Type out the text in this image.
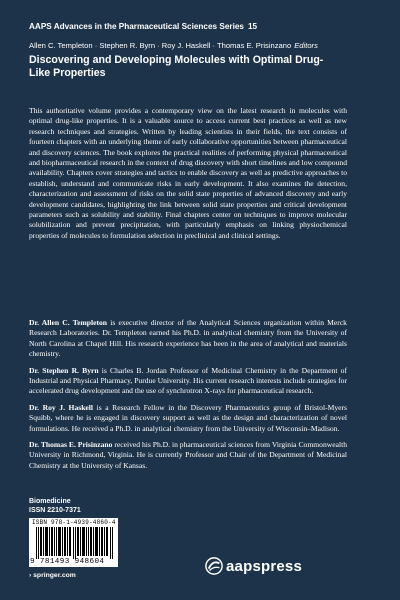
AAPS Advances in the Pharmaceutical Sciences Series 15
Allen C. Templeton · Stephen R. Byrn · Roy J. Haskell · Thomas E. Prisinzano Editors
Discovering and Developing Molecules with Optimal Drug-Like Properties

This authoritative volume provides a contemporary view on the latest research in molecules with optimal drug-like properties. It is a valuable source to access current best practices as well as new research techniques and strategies. Written by leading scientists in their fields, the text consists of fourteen chapters with an underlying theme of early collaborative opportunities between pharmaceutical and discovery sciences. The book explores the practical realities of performing physical pharmaceutical and biopharmaceutical research in the context of drug discovery with short timelines and low compound availability. Chapters cover strategies and tactics to enable discovery as well as predictive approaches to establish, understand and communicate risks in early development. It also examines the detection, characterization and assessment of risks on the solid state properties of advanced discovery and early development candidates, highlighting the link between solid state properties and critical development parameters such as solubility and stability. Final chapters center on techniques to improve molecular solubilization and prevent precipitation, with particularly emphasis on linking physiochemical properties of molecules to formulation selection in preclinical and clinical settings.

Dr. Allen C. Templeton is executive director of the Analytical Sciences organization within Merck Research Laboratories. Dr. Templeton earned his Ph.D. in analytical chemistry from the University of North Carolina at Chapel Hill. His research experience has been in the area of analytical and materials chemistry.

Dr. Stephen R. Byrn is Charles B. Jordan Professor of Medicinal Chemistry in the Department of Industrial and Physical Pharmacy, Purdue University. His current research interests include strategies for accelerated drug development and the use of synchrotron X-rays for pharmaceutical research.

Dr. Roy J. Haskell is a Research Fellow in the Discovery Pharmaceutics group of Bristol-Myers Squibb, where he is engaged in discovery support as well as the design and characterization of novel formulations. He received a Ph.D. in analytical chemistry from the University of Wisconsin–Madison.

Dr. Thomas E. Prisinzano received his Ph.D. in pharmaceutical sciences from Virginia Commonwealth University in Richmond, Virginia. He is currently Professor and Chair of the Department of Medicinal Chemistry at the University of Kansas.

Biomedicine
ISSN 2210-7371
ISBN 978-1-4939-4860-4
9 781493 948604
› springer.com
aapspress
